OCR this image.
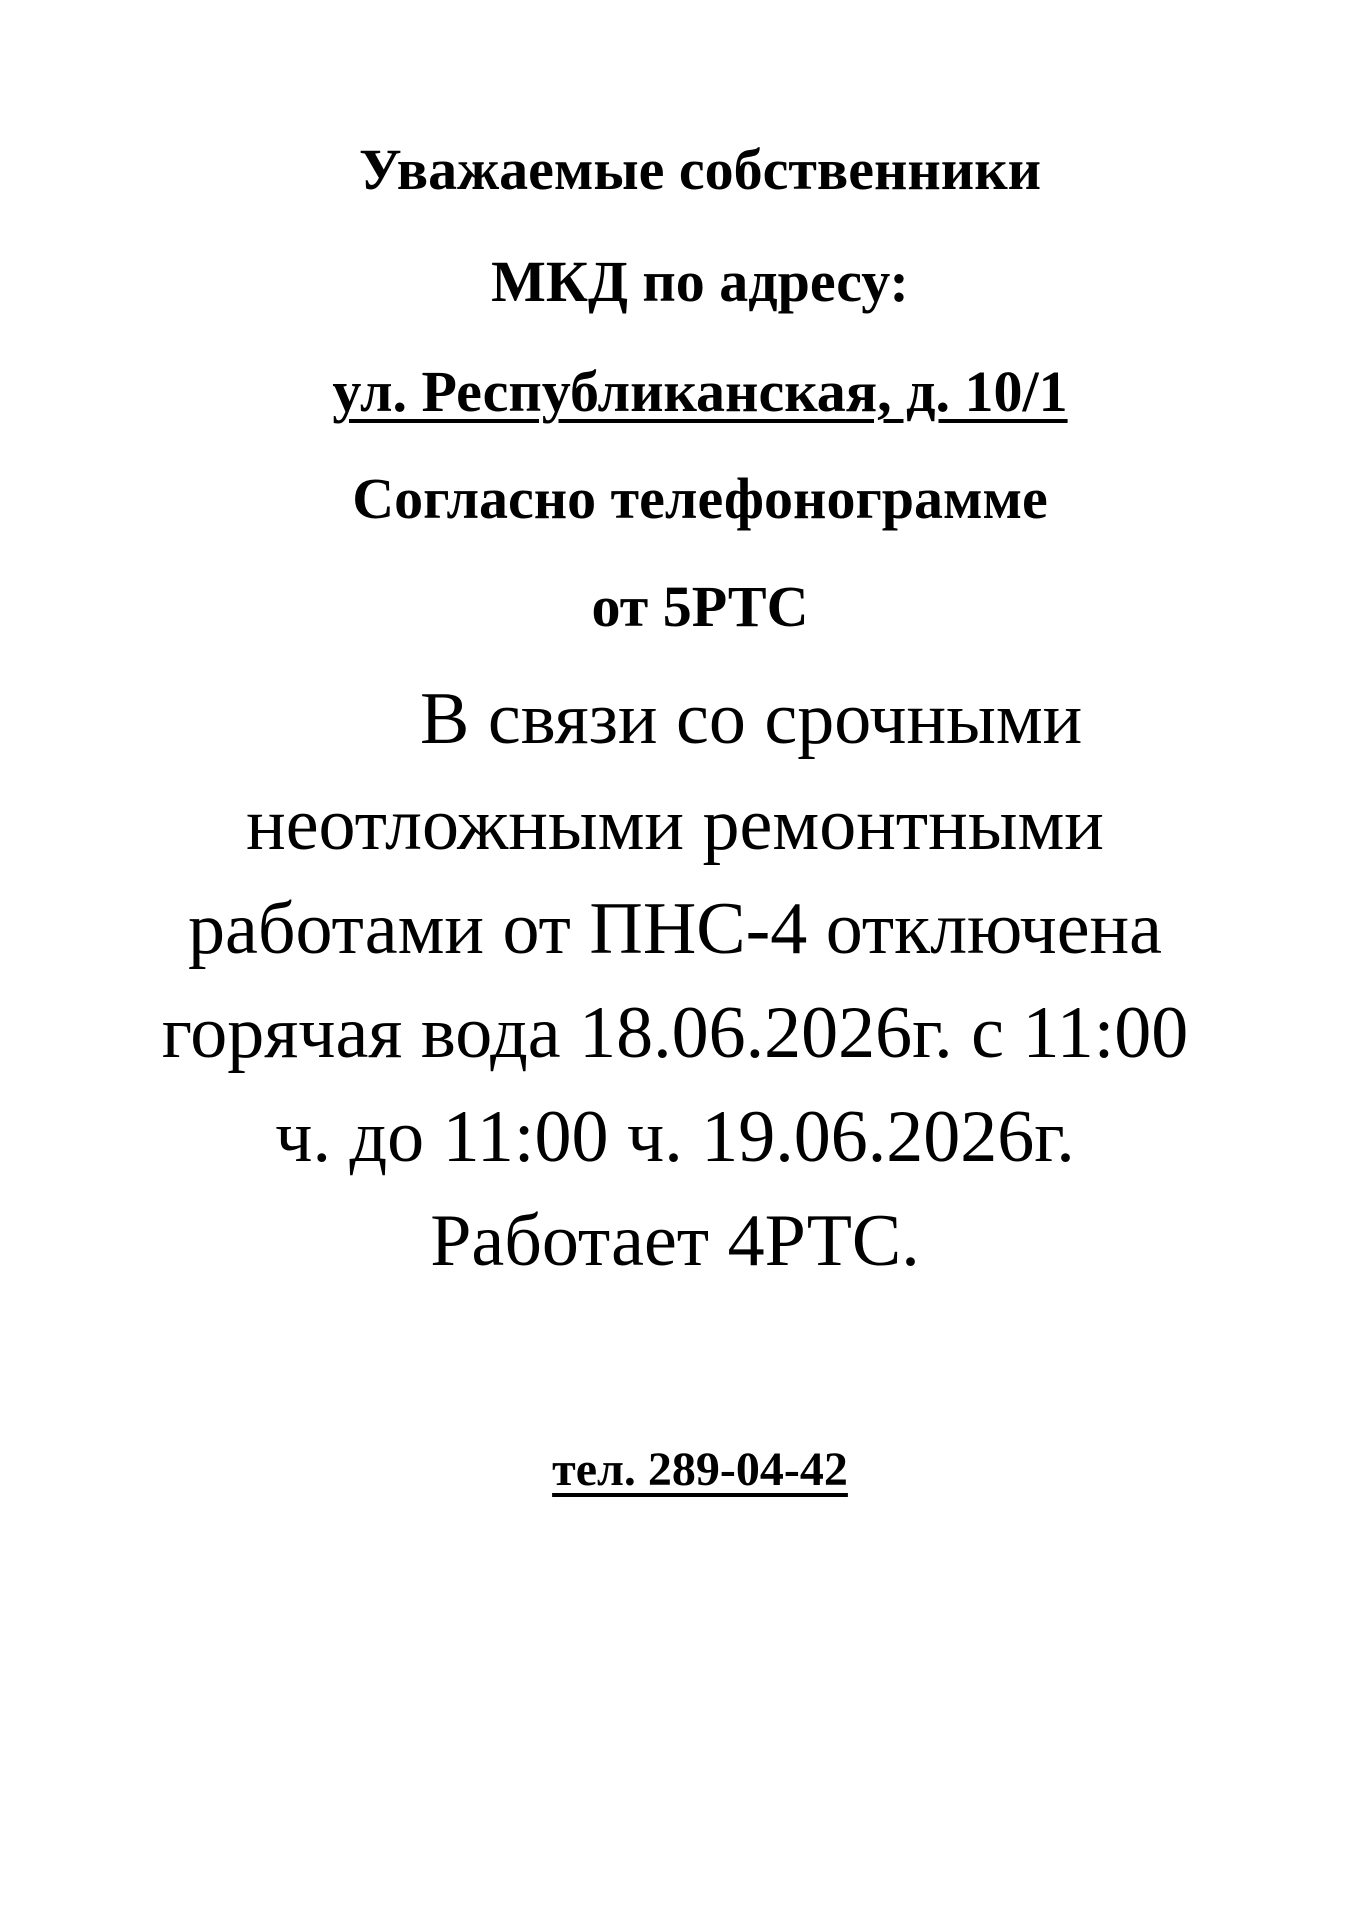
Уважаемые собственники
МКД по адресу:
ул. Республиканская, д. 10/1
Согласно телефонограмме
от 5РТС
В связи со срочными
неотложными ремонтными
работами от ПНС-4 отключена
горячая вода 18.06.2026г. с 11:00
ч. до 11:00 ч. 19.06.2026г.
Работает 4РТС.
тел. 289-04-42
